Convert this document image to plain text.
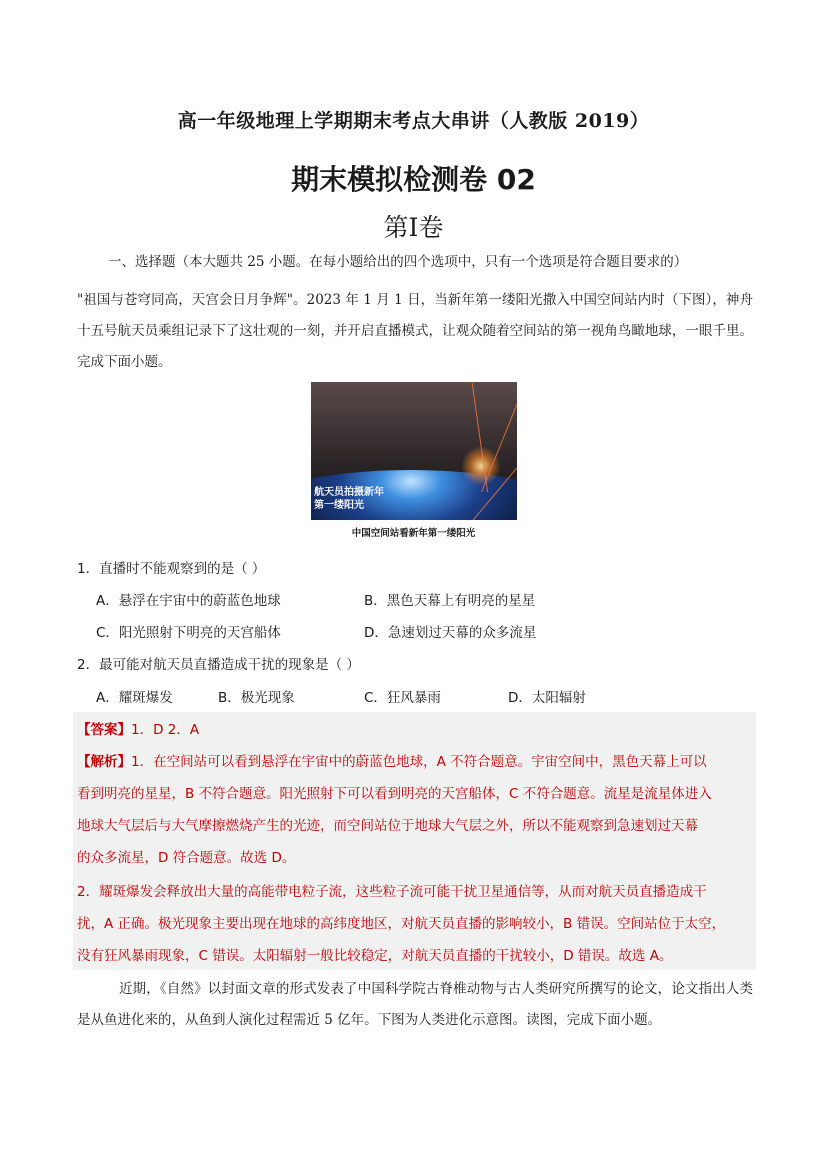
高一年级地理上学期期末考点大串讲（人教版 2019）
期末模拟检测卷 02
第I卷
一、选择题（本大题共 25 小题。在每小题给出的四个选项中，只有一个选项是符合题目要求的）

"祖国与苍穹同高，天宫会日月争辉"。2023 年 1 月 1 日，当新年第一缕阳光撒入中国空间站内时（下图），神舟十五号航天员乘组记录下了这壮观的一刻，并开启直播模式，让观众随着空间站的第一视角鸟瞰地球，一眼千里。完成下面小题。

航天员拍摄新年
第一缕阳光
中国空间站看新年第一缕阳光
1．直播时不能观察到的是（ ）
A．悬浮在宇宙中的蔚蓝色地球	B．黑色天幕上有明亮的星星
C．阳光照射下明亮的天宫船体	D．急速划过天幕的众多流星
2．最可能对航天员直播造成干扰的现象是（ ）
A．耀斑爆发	B．极光现象	C．狂风暴雨	D．太阳辐射
【答案】1．D 2．A
【解析】1．在空间站可以看到悬浮在宇宙中的蔚蓝色地球，A 不符合题意。宇宙空间中，黑色天幕上可以
看到明亮的星星，B 不符合题意。阳光照射下可以看到明亮的天宫船体，C 不符合题意。流星是流星体进入
地球大气层后与大气摩擦燃烧产生的光迹，而空间站位于地球大气层之外，所以不能观察到急速划过天幕
的众多流星，D 符合题意。故选 D。
2．耀斑爆发会释放出大量的高能带电粒子流，这些粒子流可能干扰卫星通信等，从而对航天员直播造成干
扰，A 正确。极光现象主要出现在地球的高纬度地区，对航天员直播的影响较小，B 错误。空间站位于太空，
没有狂风暴雨现象，C 错误。太阳辐射一般比较稳定，对航天员直播的干扰较小，D 错误。故选 A。

近期，《自然》以封面文章的形式发表了中国科学院古脊椎动物与古人类研究所撰写的论文，论文指出人类是从鱼进化来的，从鱼到人演化过程需近 5 亿年。下图为人类进化示意图。读图，完成下面小题。
